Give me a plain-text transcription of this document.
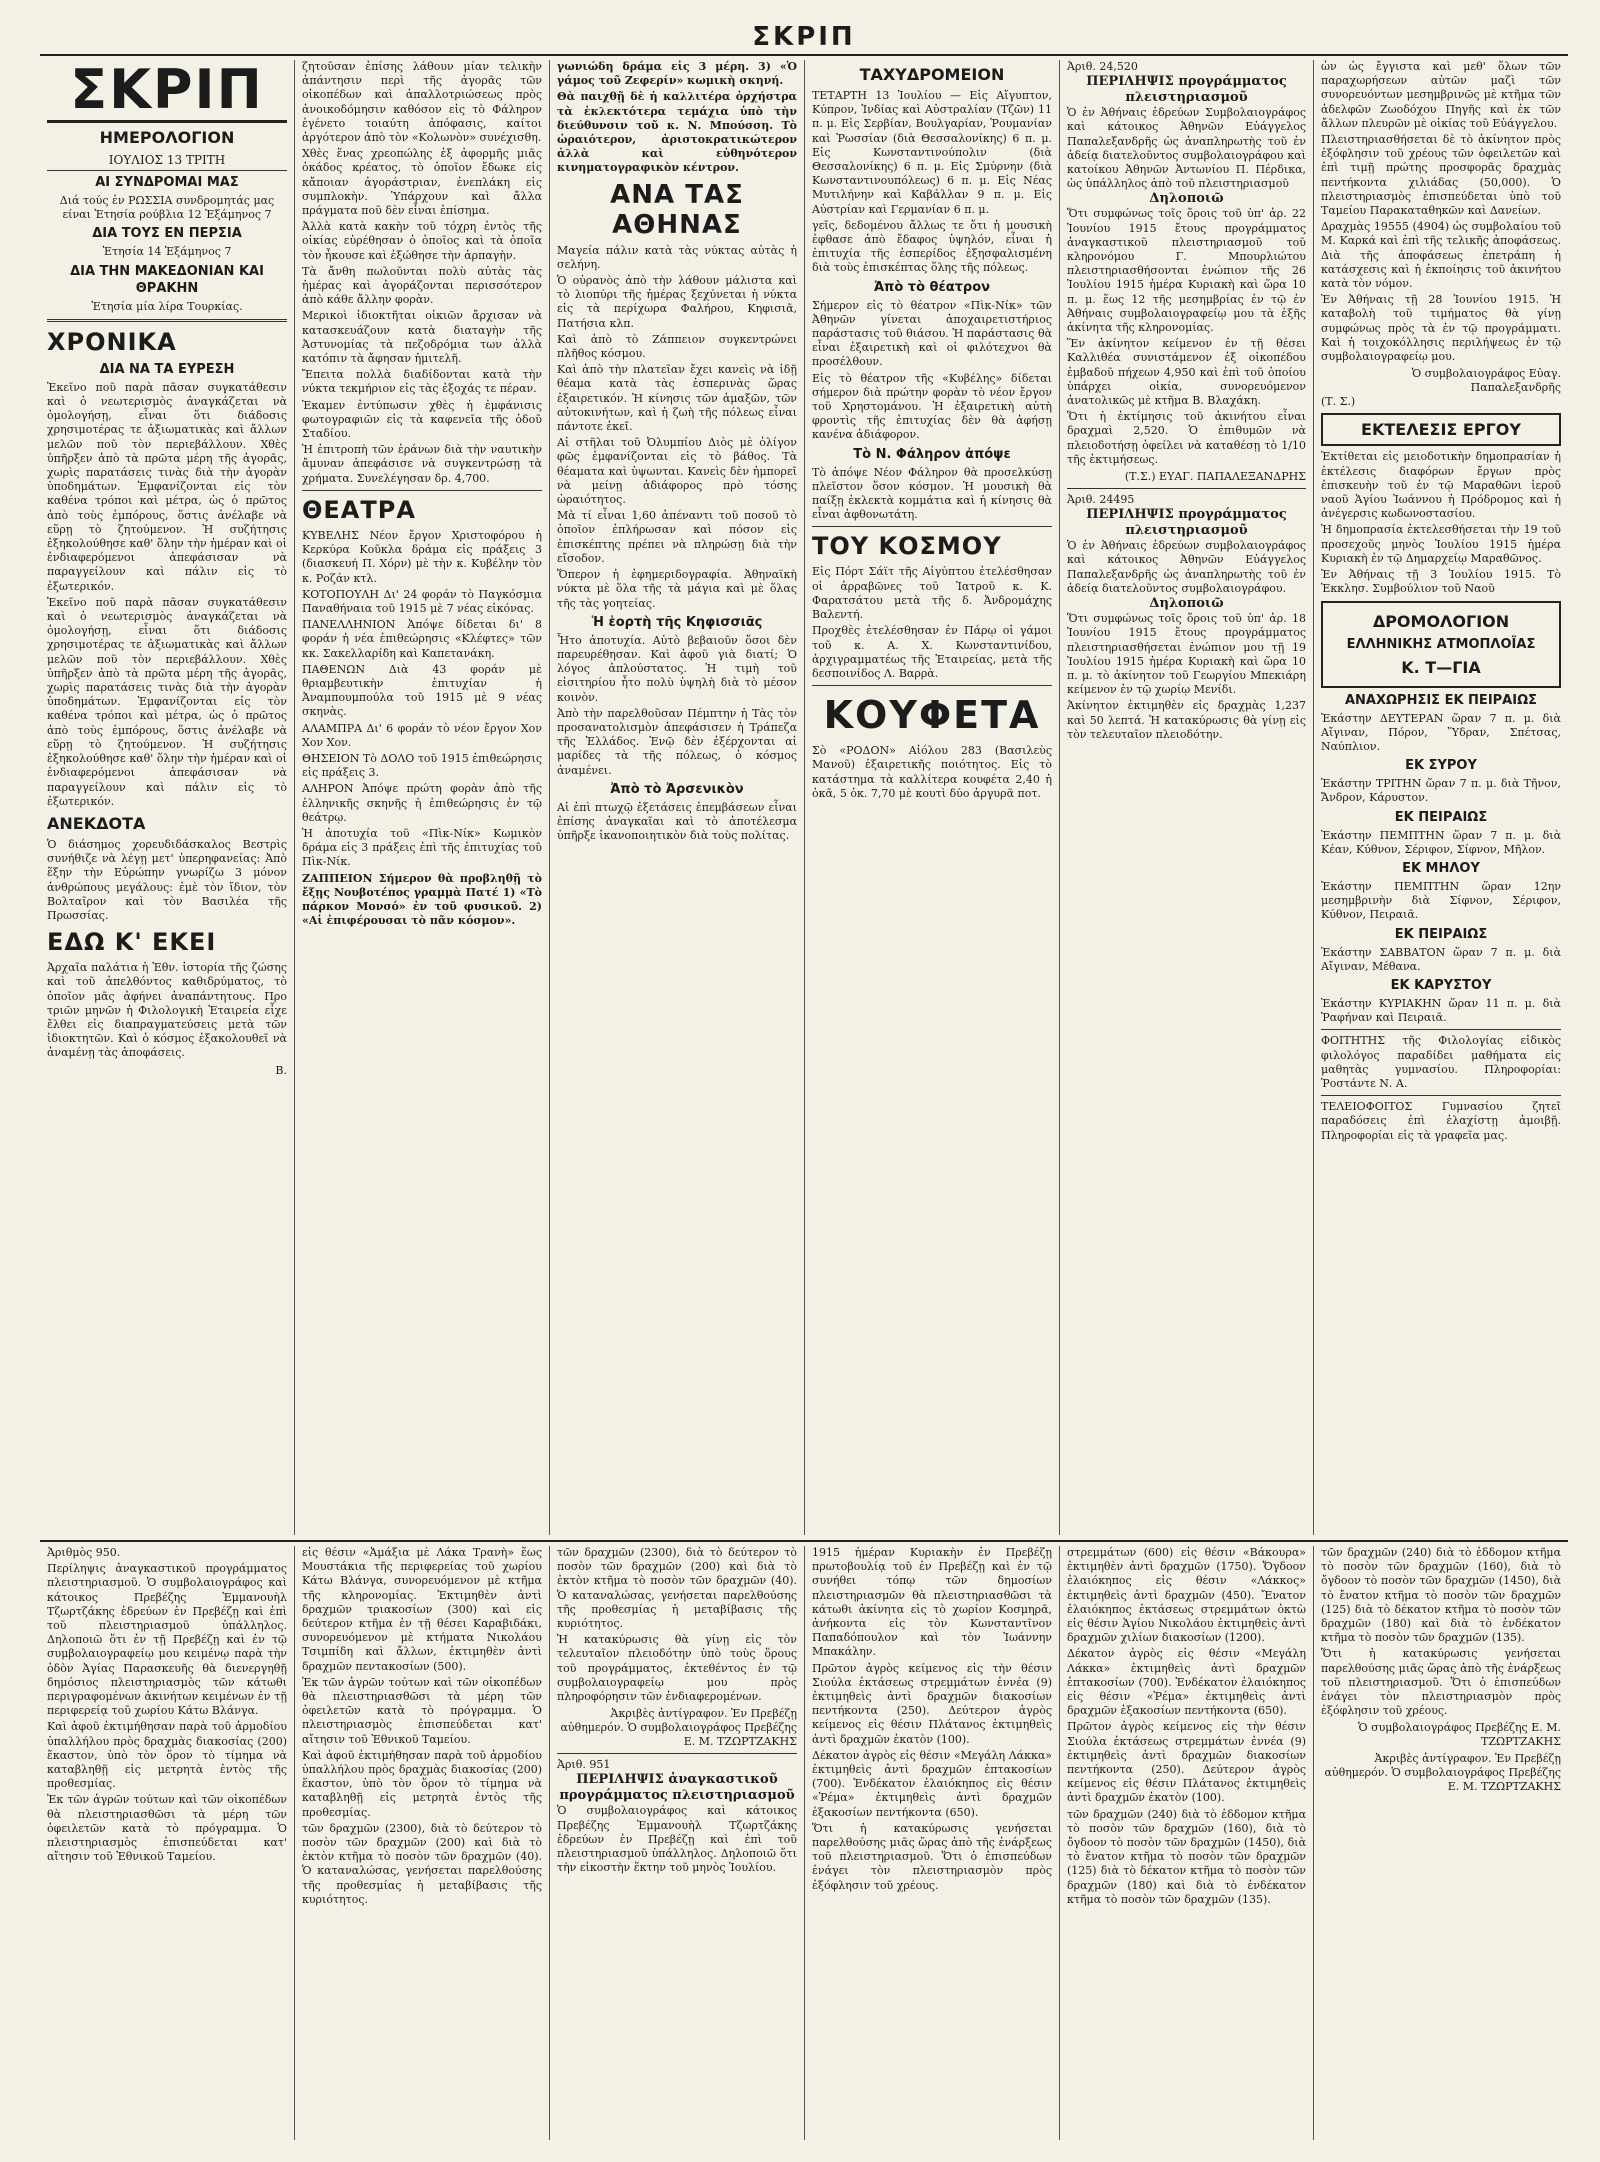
ΣΚΡΙΠ
ΣΚΡΙΠ
ΗΜΕΡΟΛΟΓΙΟΝ
ΙΟΥΛΙΟΣ 13 ΤΡΙΤΗ
ΑΙ ΣΥΝΔΡΟΜΑΙ ΜΑΣ
Διά τούς ἐν ΡΩΣΣΙΑ συνδρομητάς μας είναι Ἐτησία ρούβλια 12 Ἑξάμηνος 7
ΔΙΑ ΤΟΥΣ ΕΝ ΠΕΡΣΙΑ
Ἐτησία 14 Ἑξάμηνος 7
ΔΙΑ ΤΗΝ ΜΑΚΕΔΟΝΙΑΝ ΚΑΙ ΘΡΑΚΗΝ
Ἐτησία μία λίρα Τουρκίας.
ΧΡΟΝΙΚΑ
ΔΙΑ ΝΑ ΤΑ ΕΥΡΕΣΗ
Ἐκεῖνο ποῦ παρὰ πᾶσαν συγκατάθεσιν καὶ ὁ νεωτερισμὸς ἀναγκάζεται νὰ ὁμολογήσῃ, εἶναι ὅτι διάδοσις χρησιμοτέρας τε ἀξιωματικὰς καὶ ἄλλων μελῶν ποῦ τὸν περιεβάλλουν. Χθὲς ὑπῆρξεν ἀπὸ τὰ πρῶτα μέρη τῆς ἀγορᾶς, χωρὶς παρατάσεις τινὰς διὰ τὴν ἀγορὰν ὑποδημάτων. Ἐμφανίζονται εἰς τὸν καθένα τρόποι καὶ μέτρα, ὡς ὁ πρῶτος ἀπὸ τοὺς ἐμπόρους, ὅστις ἀνέλαβε νὰ εὕρῃ τὸ ζητούμενον. Ἡ συζήτησις ἐξηκολούθησε καθ' ὅλην τὴν ἡμέραν καὶ οἱ ἐνδιαφερόμενοι ἀπεφάσισαν νὰ παραγγείλουν καὶ πάλιν εἰς τὸ ἐξωτερικόν.
Ἐκεῖνο ποῦ παρὰ πᾶσαν συγκατάθεσιν καὶ ὁ νεωτερισμὸς ἀναγκάζεται νὰ ὁμολογήσῃ, εἶναι ὅτι διάδοσις χρησιμοτέρας τε ἀξιωματικὰς καὶ ἄλλων μελῶν ποῦ τὸν περιεβάλλουν. Χθὲς ὑπῆρξεν ἀπὸ τὰ πρῶτα μέρη τῆς ἀγορᾶς, χωρὶς παρατάσεις τινὰς διὰ τὴν ἀγορὰν ὑποδημάτων. Ἐμφανίζονται εἰς τὸν καθένα τρόποι καὶ μέτρα, ὡς ὁ πρῶτος ἀπὸ τοὺς ἐμπόρους, ὅστις ἀνέλαβε νὰ εὕρῃ τὸ ζητούμενον. Ἡ συζήτησις ἐξηκολούθησε καθ' ὅλην τὴν ἡμέραν καὶ οἱ ἐνδιαφερόμενοι ἀπεφάσισαν νὰ παραγγείλουν καὶ πάλιν εἰς τὸ ἐξωτερικόν.
ΑΝΕΚΔΟΤΑ
Ὁ διάσημος χορευδιδάσκαλος Βεστρὶς συνήθιζε νὰ λέγῃ μετ' ὑπερηφανείας: Ἀπὸ ἕξην τὴν Εὐρώπην γνωρίζω 3 μόνον ἀνθρώπους μεγάλους: ἐμὲ τὸν ἴδιον, τὸν Βολταῖρον καὶ τὸν Βασιλέα τῆς Πρωσσίας.
ΕΔΩ Κ' ΕΚΕΙ
Ἀρχαῖα παλάτια ἡ Ἐθν. ἱστορία τῆς ζώσης καὶ τοῦ ἀπελθόντος καθιδρύματος, τὸ ὁποῖον μᾶς ἀφήνει ἀναπάντητους. Προ τριῶν μηνῶν ἡ Φιλολογικὴ Ἑταιρεία εἶχε ἔλθει εἰς διαπραγματεύσεις μετὰ τῶν ἰδιοκτητῶν. Καὶ ὁ κόσμος ἐξακολουθεῖ νὰ ἀναμένῃ τὰς ἀποφάσεις.
Β.
ζητοῦσαν ἐπίσης λάθουν μίαν τελικὴν ἀπάντησιν περὶ τῆς ἀγορᾶς τῶν οἰκοπέδων καὶ ἀπαλλοτριώσεως πρὸς ἀνοικοδόμησιν καθόσον εἰς τὸ Φάληρον ἐγένετο τοιαύτη ἀπόφασις, καίτοι ἀργότερον ἀπὸ τὸν «Κολωνὸν» συνέχισθη.
Χθὲς ἕνας χρεοπώλης ἐξ ἀφορμῆς μιᾶς ὀκάδος κρέατος, τὸ ὁποῖον ἔδωκε εἰς κἄποιαν ἀγοράστριαν, ἐνεπλάκη εἰς συμπλοκὴν. Ὑπάρχουν καὶ ἄλλα πράγματα ποῦ δὲν εἶναι ἐπίσημα.
Ἀλλὰ κατὰ κακὴν τοῦ τόχρη ἐντὸς τῆς οἰκίας εὑρέθησαν ὁ ὁποῖος καὶ τὰ ὁποῖα τὸν ἦκουσε καὶ ἐξώθησε τὴν ἀρπαγὴν.
Τὰ ἄνθη πωλοῦνται πολὺ αὐτὰς τὰς ἡμέρας καὶ ἀγοράζονται περισσότερον ἀπὸ κάθε ἄλλην φορὰν.
Μερικοὶ ἰδιοκτῆται οἰκιῶν ἄρχισαν νὰ κατασκευάζουν κατὰ διαταγὴν τῆς Ἀστυνομίας τὰ πεζοδρόμια των ἀλλὰ κατόπιν τὰ ἄφησαν ἡμιτελῆ.
Ἔπειτα πολλὰ διαδίδονται κατὰ τὴν νύκτα τεκμήριον εἰς τὰς ἐξοχάς τε πέραν.
Ἐκαμεν ἐντύπωσιν χθὲς ἡ ἐμφάνισις φωτογραφιῶν εἰς τὰ καφενεῖα τῆς ὁδοῦ Σταδίου.
Ἡ ἐπιτροπὴ τῶν ἐράνων διὰ τὴν ναυτικὴν ἄμυναν ἀπεφάσισε νὰ συγκεντρώσῃ τὰ χρήματα. Συνελέγησαν δρ. 4,700.
ΘΕΑΤΡΑ
ΚΥΒΕΛΗΣ Νέον ἔργον Χριστοφόρου ἡ Κερκύρα Κοῦκλα δράμα εἰς πράξεις 3 (διασκευή Π. Χόρν) μὲ τὴν κ. Κυβέλην τὸν κ. Ροζάν κτλ.
ΚΟΤΟΠΟΥΛΗ Δι' 24 φοράν τὸ Παγκόσμια Παναθήναια τοῦ 1915 μὲ 7 νέας εἰκόνας.
ΠΑΝΕΛΛΗΝΙΟΝ Ἀπόψε δίδεται δι' 8 φοράν ἡ νέα ἐπιθεώρησις «Κλέφτες» τῶν κκ. Σακελλαρίδη καὶ Καπετανάκη.
ΠΑΘΕΝΩΝ Διὰ 43 φοράν μὲ θριαμβευτικὴν ἐπιτυχίαν ἡ Ἀναμπουμπούλα τοῦ 1915 μὲ 9 νέας σκηνὰς.
ΑΛΑΜΠΡΑ Δι' 6 φοράν τὸ νέον ἔργον Χον Χον Χον.
ΘΗΣΕΙΟΝ Τὸ ΔΟΛΟ τοῦ 1915 ἐπιθεώρησις εἰς πράξεις 3.
ΑΛΗΡΟΝ Ἀπόψε πρώτη φορὰν ἀπὸ τῆς ἑλληνικῆς σκηνῆς ἡ ἐπιθεώρησις ἐν τῷ θεάτρῳ.
Ἡ ἀποτυχία τοῦ «Πὶκ-Νίκ» Κωμικὸν δράμα εἰς 3 πράξεις ἐπὶ τῆς ἐπιτυχίας τοῦ Πὶκ-Νίκ.
ΖΑΠΠΕΙΟΝ Σήμερον θὰ προβληθῇ τὸ ἔξῃς Νουβοτέπος γραμμὰ Πατέ 1) «Τὸ πάρκον Μονσό» ἐν τοῦ φυσικοῦ. 2) «Αἱ ἐπιφέρουσαι τὸ πᾶν κόσμον».
γωνιώδη δράμα εἰς 3 μέρη. 3) «Ὁ γάμος τοῦ Ζεφερίν» κωμικὴ σκηνή.
Θὰ παιχθῇ δὲ ἡ καλλιτέρα ὀρχήστρα τὰ ἐκλεκτότερα τεμάχια ὑπὸ τὴν διεύθυνσιν τοῦ κ. Ν. Μπούσση. Τὸ ὡραιότερον, ἀριστοκρατικώτερον ἀλλὰ καὶ εὐθηνότερον κινηματογραφικὸν κέντρον.
ΑΝΑ ΤΑΣ ΑΘΗΝΑΣ
Μαγεία πάλιν κατὰ τὰς νύκτας αὐτὰς ἡ σελήνη.
Ὁ οὐρανὸς ἀπὸ τὴν λάθουν μάλιστα καὶ τὸ λιοπύρι τῆς ἡμέρας ξεχύνεται ἡ νύκτα εἰς τὰ περίχωρα Φαλήρου, Κηφισιᾶ, Πατήσια κλπ.
Καὶ ἀπὸ τὸ Ζάππειον συγκεντρώνει πλῆθος κόσμου.
Καὶ ἀπὸ τὴν πλατεῖαν ἔχει κανεὶς νὰ ἰδῇ θέαμα κατὰ τὰς ἐσπερινὰς ὥρας ἐξαιρετικόν. Ἡ κίνησις τῶν ἀμαξῶν, τῶν αὐτοκινήτων, καὶ ἡ ζωὴ τῆς πόλεως εἶναι πάντοτε ἐκεῖ.
Αἱ στῆλαι τοῦ Ὀλυμπίου Διὸς μὲ ὀλίγον φῶς ἐμφανίζονται εἰς τὸ βάθος. Τὰ θέαματα καὶ ὑψωνται. Κανεὶς δὲν ἠμπορεῖ νὰ μείνῃ ἀδιάφορος πρὸ τόσης ὡραιότητος.
Μὰ τί εἶναι 1,60 ἀπέναντι τοῦ ποσοῦ τὸ ὁποῖον ἐπλήρωσαν καὶ πόσον εἰς ἐπισκέπτης πρέπει νὰ πληρώσῃ διὰ τὴν εἴσοδον.
Ὅπερον ἡ ἐφημεριδογραφία. Ἀθηναϊκὴ νύκτα μὲ ὅλα τῆς τὰ μάγια καὶ μὲ ὅλας τῆς τὰς γοητείας.
Ἡ ἑορτὴ τῆς Κηφισσιᾶς
Ἦτο ἀποτυχία. Αὐτὸ βεβαιοῦν ὅσοι δὲν παρευρέθησαν. Καὶ ἀφοῦ γιὰ διατί; Ὁ λόγος ἀπλούστατος. Ἡ τιμὴ τοῦ εἰσιτηρίου ἦτο πολὺ ὑψηλὴ διὰ τὸ μέσον κοινὸν.
Ἀπὸ τὴν παρελθοῦσαν Πέμπτην ἡ Τὰς τὸν προσανατολισμὸν ἀπεφάσισεν ἡ Τράπεζα τῆς Ἑλλάδος. Ἐνῷ δὲν ἐξέρχονται αἱ μαρίδες τὰ τῆς πόλεως, ὁ κόσμος ἀναμένει.
Ἀπὸ τὸ Ἀρσενικὸν
Αἱ ἐπὶ πτωχῷ ἐξετάσεις ἐπεμβάσεων εἶναι ἐπίσης ἀναγκαῖαι καὶ τὸ ἀποτέλεσμα ὑπῆρξε ἱκανοποιητικὸν διὰ τοὺς πολίτας.
ΤΑΧΥΔΡΟΜΕΙΟΝ
ΤΕΤΑΡΤΗ 13 Ἰουλίου — Εἰς Αἴγυπτον, Κύπρον, Ἰνδίας καὶ Αὐστραλίαν (Τζῶν) 11 π. μ. Εἰς Σερβίαν, Βουλγαρίαν, Ῥουμανίαν καὶ Ῥωσσίαν (διὰ Θεσσαλονίκης) 6 π. μ. Εἰς Κωνσταντινούπολιν (διὰ Θεσσαλονίκης) 6 π. μ. Εἰς Σμύρνην (διὰ Κωνσταντινουπόλεως) 6 π. μ. Εἰς Νέας Μυτιλήνην καὶ Καβάλλαν 9 π. μ. Εἰς Αὐστρίαν καὶ Γερμανίαν 6 π. μ.
γεῖς, δεδομένου ἄλλως τε ὅτι ἡ μουσικὴ ἐφθασε ἀπὸ ἔδαφος ὑψηλόν, εἶναι ἡ ἐπιτυχία τῆς ἑσπερίδος ἐξησφαλισμένη διὰ τοὺς ἐπισκέπτας ὅλης τῆς πόλεως.
Ἀπὸ τὸ θέατρον
Σήμερον εἰς τὸ θέατρον «Πὶκ-Νίκ» τῶν Ἀθηνῶν γίνεται ἀποχαιρετιστήριος παράστασις τοῦ θιάσου. Ἡ παράστασις θὰ εἶναι ἐξαιρετικὴ καὶ οἱ φιλότεχνοι θὰ προσέλθουν.
Εἰς τὸ θέατρον τῆς «Κυβέλης» δίδεται σήμερον διὰ πρώτην φορὰν τὸ νέον ἔργον τοῦ Χρηστομάνου. Ἡ ἐξαιρετικὴ αὐτὴ φροντὶς τῆς ἐπιτυχίας δὲν θὰ ἀφήσῃ κανένα ἀδιάφορον.
Τὸ Ν. Φάληρον ἀπόψε
Τὸ ἀπόψε Νέον Φάληρον θὰ προσελκύσῃ πλεῖστον ὅσον κόσμον. Ἡ μουσικὴ θὰ παίξῃ ἐκλεκτὰ κομμάτια καὶ ἡ κίνησις θὰ εἶναι ἀφθονωτάτη.
ΤΟΥ ΚΟΣΜΟΥ
Εἰς Πόρτ Σάϊτ τῆς Αἰγύπτου ἐτελέσθησαν οἱ ἀρραβῶνες τοῦ Ἰατροῦ κ. Κ. Φαρατσάτου μετὰ τῆς δ. Ἀνδρομάχης Βαλεντή.
Προχθὲς ἐτελέσθησαν ἐν Πάρῳ οἱ γάμοι τοῦ κ. Α. Χ. Κωνσταντινίδου, ἀρχιγραμματέως τῆς Ἐταιρείας, μετὰ τῆς δεσποινίδος Λ. Βαρρὰ.
ΚΟΥΦΕΤΑ
Σὸ «ΡΟΔΟΝ» Αἰόλου 283 (Βασιλεὺς Μανοῦ) ἐξαιρετικῆς ποιότητος. Εἰς τὸ κατάστημα τὰ καλλίτερα κουφέτα 2,40 ἡ ὀκᾶ, 5 ὀκ. 7,70 μὲ κουτὶ δύο ἀργυρᾶ ποτ.
Ἀριθ. 24,520
ΠΕΡΙΛΗΨΙΣ προγράμματος πλειστηριασμοῦ
Ὁ ἐν Ἀθήναις ἑδρεύων Συμβολαιογράφος καὶ κάτοικος Ἀθηνῶν Εὐάγγελος Παπαλεξανδρῆς ὡς ἀναπληρωτὴς τοῦ ἐν ἀδείᾳ διατελοῦντος συμβολαιογράφου καὶ κατοίκου Ἀθηνῶν Ἀντωνίου Π. Πέρδικα, ὡς ὑπάλληλος ἀπὸ τοῦ πλειστηριασμοῦ
Δηλοποιῶ
Ὅτι συμφώνως τοῖς ὅροις τοῦ ὑπ' ἀρ. 22 Ἰουνίου 1915 ἔτους προγράμματος ἀναγκαστικοῦ πλειστηριασμοῦ τοῦ κληρονόμου Γ. Μπουρλιώτου πλειστηριασθήσονται ἐνώπιον τῆς 26 Ἰουλίου 1915 ἡμέρα Κυριακὴ καὶ ὥρα 10 π. μ. ἕως 12 τῆς μεσημβρίας ἐν τῷ ἐν Ἀθήναις συμβολαιογραφείῳ μου τὰ ἑξῆς ἀκίνητα τῆς κληρονομίας.
Ἕν ἀκίνητον κείμενον ἐν τῇ θέσει Καλλιθέα συνιστάμενον ἐξ οἰκοπέδου ἐμβαδοῦ πήχεων 4,950 καὶ ἐπὶ τοῦ ὁποίου ὑπάρχει οἰκία, συνορευόμενον ἀνατολικῶς μὲ κτῆμα Β. Βλαχάκη.
Ὅτι ἡ ἐκτίμησις τοῦ ἀκινήτου εἶναι δραχμαὶ 2,520. Ὁ ἐπιθυμῶν νὰ πλειοδοτήσῃ ὀφείλει νὰ καταθέσῃ τὸ 1/10 τῆς ἐκτιμήσεως.
(Τ.Σ.) ΕΥΑΓ. ΠΑΠΑΛΕΞΑΝΔΡΗΣ
Ἀριθ. 24495
ΠΕΡΙΛΗΨΙΣ προγράμματος πλειστηριασμοῦ
Ὁ ἐν Ἀθήναις ἑδρεύων συμβολαιογράφος καὶ κάτοικος Ἀθηνῶν Εὐάγγελος Παπαλεξανδρῆς ὡς ἀναπληρωτὴς τοῦ ἐν ἀδείᾳ διατελοῦντος συμβολαιογράφου.
Δηλοποιῶ
Ὅτι συμφώνως τοῖς ὅροις τοῦ ὑπ' ἀρ. 18 Ἰουνίου 1915 ἔτους προγράμματος πλειστηριασθήσεται ἐνώπιον μου τῇ 19 Ἰουλίου 1915 ἡμέρα Κυριακὴ καὶ ὥρα 10 π. μ. τὸ ἀκίνητον τοῦ Γεωργίου Μπεκιάρη κείμενον ἐν τῷ χωρίῳ Μενίδι.
Ἀκίνητον ἐκτιμηθὲν εἰς δραχμὰς 1,237 καὶ 50 λεπτά. Ἡ κατακύρωσις θὰ γίνῃ εἰς τὸν τελευταῖον πλειοδότην.
ὧν ὡς ἔγγιστα καὶ μεθ' ὅλων τῶν παραχωρήσεων αὐτῶν μαζὶ τῶν συνορευόντων μεσημβρινῶς μὲ κτῆμα τῶν ἀδελφῶν Ζωοδόχου Πηγῆς καὶ ἐκ τῶν ἄλλων πλευρῶν μὲ οἰκίας τοῦ Εὐάγγελου.
Πλειστηριασθήσεται δὲ τὸ ἀκίνητον πρὸς ἐξόφλησιν τοῦ χρέους τῶν ὀφειλετῶν καὶ ἐπὶ τιμῇ πρώτης προσφορᾶς δραχμὰς πεντήκοντα χιλιάδας (50,000). Ὁ πλειστηριασμὸς ἐπισπεύδεται ὑπὸ τοῦ Ταμείου Παρακαταθηκῶν καὶ Δανείων.
Δραχμὰς 19555 (4904) ὡς συμβολαίου τοῦ Μ. Καρκά καὶ ἐπὶ τῆς τελικῆς ἀποφάσεως. Διὰ τῆς ἀποφάσεως ἐπετράπη ἡ κατάσχεσις καὶ ἡ ἐκποίησις τοῦ ἀκινήτου κατὰ τὸν νόμον.
Ἐν Ἀθήναις τῇ 28 Ἰουνίου 1915. Ἡ καταβολὴ τοῦ τιμήματος θὰ γίνῃ συμφώνως πρὸς τὰ ἐν τῷ προγράμματι. Καὶ ἡ τοιχοκόλλησις περιλήψεως ἐν τῷ συμβολαιογραφείῳ μου.
Ὁ συμβολαιογράφος Εὐαγ. Παπαλεξανδρῆς
(Τ. Σ.)
ΕΚΤΕΛΕΣΙΣ ΕΡΓΟΥ
Ἐκτίθεται εἰς μειοδοτικὴν δημοπρασίαν ἡ ἐκτέλεσις διαφόρων ἔργων πρὸς ἐπισκευὴν τοῦ ἐν τῷ Μαραθῶνι ἱεροῦ ναοῦ Ἁγίου Ἰωάννου ἡ Πρόδρομος καὶ ἡ ἀνέγερσις κωδωνοστασίου.
Ἡ δημοπρασία ἐκτελεσθήσεται τὴν 19 τοῦ προσεχοῦς μηνὸς Ἰουλίου 1915 ἡμέρα Κυριακὴ ἐν τῷ Δημαρχείῳ Μαραθῶνος.
Ἐν Ἀθήναις τῇ 3 Ἰουλίου 1915. Τὸ Ἐκκλησ. Συμβούλιον τοῦ Ναοῦ
ΔΡΟΜΟΛΟΓΙΟΝ
ΕΛΛΗΝΙΚΗΣ ΑΤΜΟΠΛΟΪΑΣ
Κ. Τ—ΓΙΑ
ΑΝΑΧΩΡΗΣΙΣ ΕΚ ΠΕΙΡΑΙΩΣ
Ἐκάστην ΔΕΥΤΕΡΑΝ ὥραν 7 π. μ. διὰ Αἴγιναν, Πόρον, Ὕδραν, Σπέτσας, Ναύπλιον.
ΕΚ ΣΥΡΟΥ
Ἐκάστην ΤΡΙΤΗΝ ὥραν 7 π. μ. διὰ Τῆνον, Ἄνδρον, Κάρυστον.
ΕΚ ΠΕΙΡΑΙΩΣ
Ἐκάστην ΠΕΜΠΤΗΝ ὥραν 7 π. μ. διὰ Κέαν, Κύθνον, Σέριφον, Σίφνον, Μῆλον.
ΕΚ ΜΗΛΟΥ
Ἐκάστην ΠΕΜΠΤΗΝ ὥραν 12ην μεσημβρινὴν διὰ Σίφνον, Σέριφον, Κύθνον, Πειραιᾶ.
ΕΚ ΠΕΙΡΑΙΩΣ
Ἐκάστην ΣΑΒΒΑΤΟΝ ὥραν 7 π. μ. διὰ Αἴγιναν, Μέθανα.
ΕΚ ΚΑΡΥΣΤΟΥ
Ἐκάστην ΚΥΡΙΑΚΗΝ ὥραν 11 π. μ. διὰ Ῥαφήναν καὶ Πειραιᾶ.
ΦΟΙΤΗΤΗΣ τῆς Φιλολογίας εἰδικὸς φιλολόγος παραδίδει μαθήματα εἰς μαθητὰς γυμνασίου. Πληροφορίαι: Ῥοστάντε Ν. Α.
ΤΕΛΕΙΟΦΟΙΤΟΣ Γυμνασίου ζητεῖ παραδόσεις ἐπὶ ἐλαχίστῃ ἀμοιβῇ. Πληροφορίαι εἰς τὰ γραφεῖα μας.
Ἀριθμὸς 950.
Περίληψις ἀναγκαστικοῦ προγράμματος πλειστηριασμοῦ. Ὁ συμβολαιογράφος καὶ κάτοικος Πρεβέζης Ἐμμανουὴλ Τζωρτζάκης ἑδρεύων ἐν Πρεβέζῃ καὶ ἐπὶ τοῦ πλειστηριασμοῦ ὑπάλληλος. Δηλοποιῶ ὅτι ἐν τῇ Πρεβέζῃ καὶ ἐν τῷ συμβολαιογραφείῳ μου κειμένῳ παρὰ τὴν ὁδὸν Ἀγίας Παρασκευῆς θὰ διενεργηθῇ δημόσιος πλειστηριασμὸς τῶν κάτωθι περιγραφομένων ἀκινήτων κειμένων ἐν τῇ περιφερείᾳ τοῦ χωρίου Κάτω Βλάνγα.
Καὶ ἀφοῦ ἐκτιμήθησαν παρὰ τοῦ ἀρμοδίου ὑπαλλήλου πρὸς δραχμὰς διακοσίας (200) ἕκαστον, ὑπὸ τὸν ὅρον τὸ τίμημα νὰ καταβληθῇ εἰς μετρητὰ ἐντὸς τῆς προθεσμίας.
Ἐκ τῶν ἀγρῶν τούτων καὶ τῶν οἰκοπέδων θὰ πλειστηριασθῶσι τὰ μέρη τῶν ὀφειλετῶν κατὰ τὸ πρόγραμμα. Ὁ πλειστηριασμὸς ἐπισπεύδεται κατ' αἴτησιν τοῦ Ἐθνικοῦ Ταμείου.
εἰς θέσιν «Ἀμάξια μὲ Λάκα Τρανὴ» ἕως Μουστάκια τῆς περιφερείας τοῦ χωρίου Κάτω Βλάνγα, συνορευόμενον μὲ κτῆμα τῆς κληρονομίας. Ἐκτιμηθὲν ἀντὶ δραχμῶν τριακοσίων (300) καὶ εἰς δεύτερον κτῆμα ἐν τῇ θέσει Καραβιδάκι, συνορευόμενον μὲ κτήματα Νικολάου Τσιμπίδη καὶ ἄλλων, ἐκτιμηθὲν ἀντὶ δραχμῶν πεντακοσίων (500).
Ἐκ τῶν ἀγρῶν τούτων καὶ τῶν οἰκοπέδων θὰ πλειστηριασθῶσι τὰ μέρη τῶν ὀφειλετῶν κατὰ τὸ πρόγραμμα. Ὁ πλειστηριασμὸς ἐπισπεύδεται κατ' αἴτησιν τοῦ Ἐθνικοῦ Ταμείου.
Καὶ ἀφοῦ ἐκτιμήθησαν παρὰ τοῦ ἀρμοδίου ὑπαλλήλου πρὸς δραχμὰς διακοσίας (200) ἕκαστον, ὑπὸ τὸν ὅρον τὸ τίμημα νὰ καταβληθῇ εἰς μετρητὰ ἐντὸς τῆς προθεσμίας.
τῶν δραχμῶν (2300), διὰ τὸ δεύτερον τὸ ποσὸν τῶν δραχμῶν (200) καὶ διὰ τὸ ἐκτὸν κτῆμα τὸ ποσὸν τῶν δραχμῶν (40). Ὁ καταναλώσας, γενήσεται παρελθούσης τῆς προθεσμίας ἡ μεταβίβασις τῆς κυριότητος.
τῶν δραχμῶν (2300), διὰ τὸ δεύτερον τὸ ποσὸν τῶν δραχμῶν (200) καὶ διὰ τὸ ἐκτὸν κτῆμα τὸ ποσὸν τῶν δραχμῶν (40). Ὁ καταναλώσας, γενήσεται παρελθούσης τῆς προθεσμίας ἡ μεταβίβασις τῆς κυριότητος.
Ἡ κατακύρωσις θὰ γίνῃ εἰς τὸν τελευταῖον πλειοδότην ὑπὸ τοὺς ὅρους τοῦ προγράμματος, ἐκτεθέντος ἐν τῷ συμβολαιογραφείῳ μου πρὸς πληροφόρησιν τῶν ἐνδιαφερομένων.
Ἀκριβὲς ἀντίγραφον. Ἐν Πρεβέζῃ αὐθημερόν. Ὁ συμβολαιογράφος Πρεβέζης Ε. Μ. ΤΖΩΡΤΖΑΚΗΣ
Ἀριθ. 951
ΠΕΡΙΛΗΨΙΣ ἀναγκαστικοῦ προγράμματος πλειστηριασμοῦ
Ὁ συμβολαιογράφος καὶ κάτοικος Πρεβέζης Ἐμμανουὴλ Τζωρτζάκης ἑδρεύων ἐν Πρεβέζῃ καὶ ἐπὶ τοῦ πλειστηριασμοῦ ὑπάλληλος. Δηλοποιῶ ὅτι τὴν εἰκοστὴν ἕκτην τοῦ μηνὸς Ἰουλίου.
1915 ἡμέραν Κυριακὴν ἐν Πρεβέζῃ πρωτοβουλίᾳ τοῦ ἐν Πρεβέζῃ καὶ ἐν τῷ συνήθει τόπῳ τῶν δημοσίων πλειστηριασμῶν θὰ πλειστηριασθῶσι τὰ κάτωθι ἀκίνητα εἰς τὸ χωρίον Κοσμηρᾶ, ἀνήκοντα εἰς τὸν Κωνσταντῖνον Παπαδόπουλον καὶ τὸν Ἰωάννην Μπακάλην.
Πρῶτον ἀγρὸς κείμενος εἰς τὴν θέσιν Σιούλα ἐκτάσεως στρεμμάτων ἐννέα (9) ἐκτιμηθεὶς ἀντὶ δραχμῶν διακοσίων πεντήκοντα (250). Δεύτερον ἀγρὸς κείμενος εἰς θέσιν Πλάτανος ἐκτιμηθεὶς ἀντὶ δραχμῶν ἑκατὸν (100).
Δέκατον ἀγρὸς εἰς θέσιν «Μεγάλη Λάκκα» ἐκτιμηθεὶς ἀντὶ δραχμῶν ἑπτακοσίων (700). Ἑνδέκατον ἐλαιόκηπος εἰς θέσιν «Ῥέμα» ἐκτιμηθεὶς ἀντὶ δραχμῶν ἑξακοσίων πεντήκοντα (650).
Ὅτι ἡ κατακύρωσις γενήσεται παρελθούσης μιᾶς ὥρας ἀπὸ τῆς ἐνάρξεως τοῦ πλειστηριασμοῦ. Ὅτι ὁ ἐπισπεύδων ἐνάγει τὸν πλειστηριασμὸν πρὸς ἐξόφλησιν τοῦ χρέους.
στρεμμάτων (600) εἰς θέσιν «Βάκουρα» ἐκτιμηθὲν ἀντὶ δραχμῶν (1750). Ὄγδοον ἐλαιόκηπος εἰς θέσιν «Λάκκος» ἐκτιμηθεὶς ἀντὶ δραχμῶν (450). Ἔνατον ἐλαιόκηπος ἐκτάσεως στρεμμάτων ὀκτὼ εἰς θέσιν Ἁγίου Νικολάου ἐκτιμηθεὶς ἀντὶ δραχμῶν χιλίων διακοσίων (1200).
Δέκατον ἀγρὸς εἰς θέσιν «Μεγάλη Λάκκα» ἐκτιμηθεὶς ἀντὶ δραχμῶν ἑπτακοσίων (700). Ἑνδέκατον ἐλαιόκηπος εἰς θέσιν «Ῥέμα» ἐκτιμηθεὶς ἀντὶ δραχμῶν ἑξακοσίων πεντήκοντα (650).
Πρῶτον ἀγρὸς κείμενος εἰς τὴν θέσιν Σιούλα ἐκτάσεως στρεμμάτων ἐννέα (9) ἐκτιμηθεὶς ἀντὶ δραχμῶν διακοσίων πεντήκοντα (250). Δεύτερον ἀγρὸς κείμενος εἰς θέσιν Πλάτανος ἐκτιμηθεὶς ἀντὶ δραχμῶν ἑκατὸν (100).
τῶν δραχμῶν (240) διὰ τὸ ἑδδομον κτῆμα τὸ ποσὸν τῶν δραχμῶν (160), διὰ τὸ ὄγδοον τὸ ποσὸν τῶν δραχμῶν (1450), διὰ τὸ ἔνατον κτῆμα τὸ ποσὸν τῶν δραχμῶν (125) διὰ τὸ δέκατον κτῆμα τὸ ποσὸν τῶν δραχμῶν (180) καὶ διὰ τὸ ἑνδέκατον κτῆμα τὸ ποσὸν τῶν δραχμῶν (135).
τῶν δραχμῶν (240) διὰ τὸ ἑδδομον κτῆμα τὸ ποσὸν τῶν δραχμῶν (160), διὰ τὸ ὄγδοον τὸ ποσὸν τῶν δραχμῶν (1450), διὰ τὸ ἔνατον κτῆμα τὸ ποσὸν τῶν δραχμῶν (125) διὰ τὸ δέκατον κτῆμα τὸ ποσὸν τῶν δραχμῶν (180) καὶ διὰ τὸ ἑνδέκατον κτῆμα τὸ ποσὸν τῶν δραχμῶν (135).
Ὅτι ἡ κατακύρωσις γενήσεται παρελθούσης μιᾶς ὥρας ἀπὸ τῆς ἐνάρξεως τοῦ πλειστηριασμοῦ. Ὅτι ὁ ἐπισπεύδων ἐνάγει τὸν πλειστηριασμὸν πρὸς ἐξόφλησιν τοῦ χρέους.
Ὁ συμβολαιογράφος Πρεβέζης Ε. Μ. ΤΖΩΡΤΖΑΚΗΣ
Ἀκριβὲς ἀντίγραφον. Ἐν Πρεβέζῃ αὐθημερόν. Ὁ συμβολαιογράφος Πρεβέζης Ε. Μ. ΤΖΩΡΤΖΑΚΗΣ
